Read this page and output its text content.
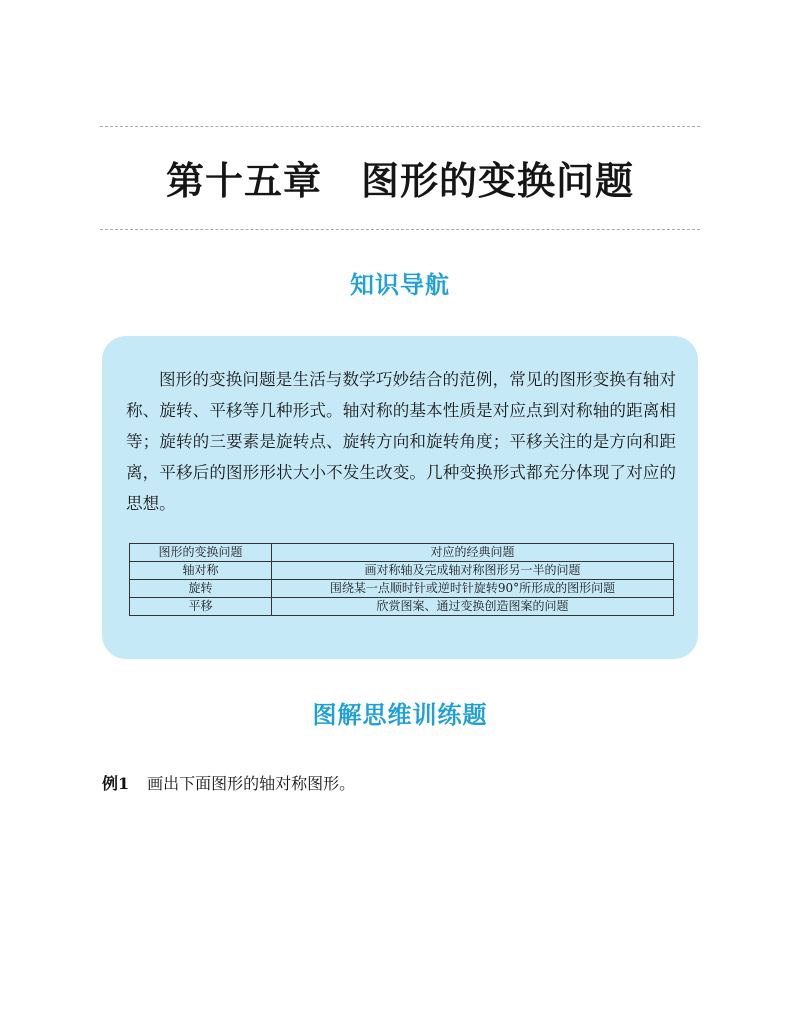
第十五章　图形的变换问题
知识导航

图形的变换问题是生活与数学巧妙结合的范例，常见的图形变换有轴对称、旋转、平移等几种形式。轴对称的基本性质是对应点到对称轴的距离相等；旋转的三要素是旋转点、旋转方向和旋转角度；平移关注的是方向和距离，平移后的图形形状大小不发生改变。几种变换形式都充分体现了对应的思想。

图形的变换问题	对应的经典问题
轴对称	画对称轴及完成轴对称图形另一半的问题
旋转	围绕某一点顺时针或逆时针旋转90°所形成的图形问题
平移	欣赏图案、通过变换创造图案的问题
图解思维训练题
例1 画出下面图形的轴对称图形。
